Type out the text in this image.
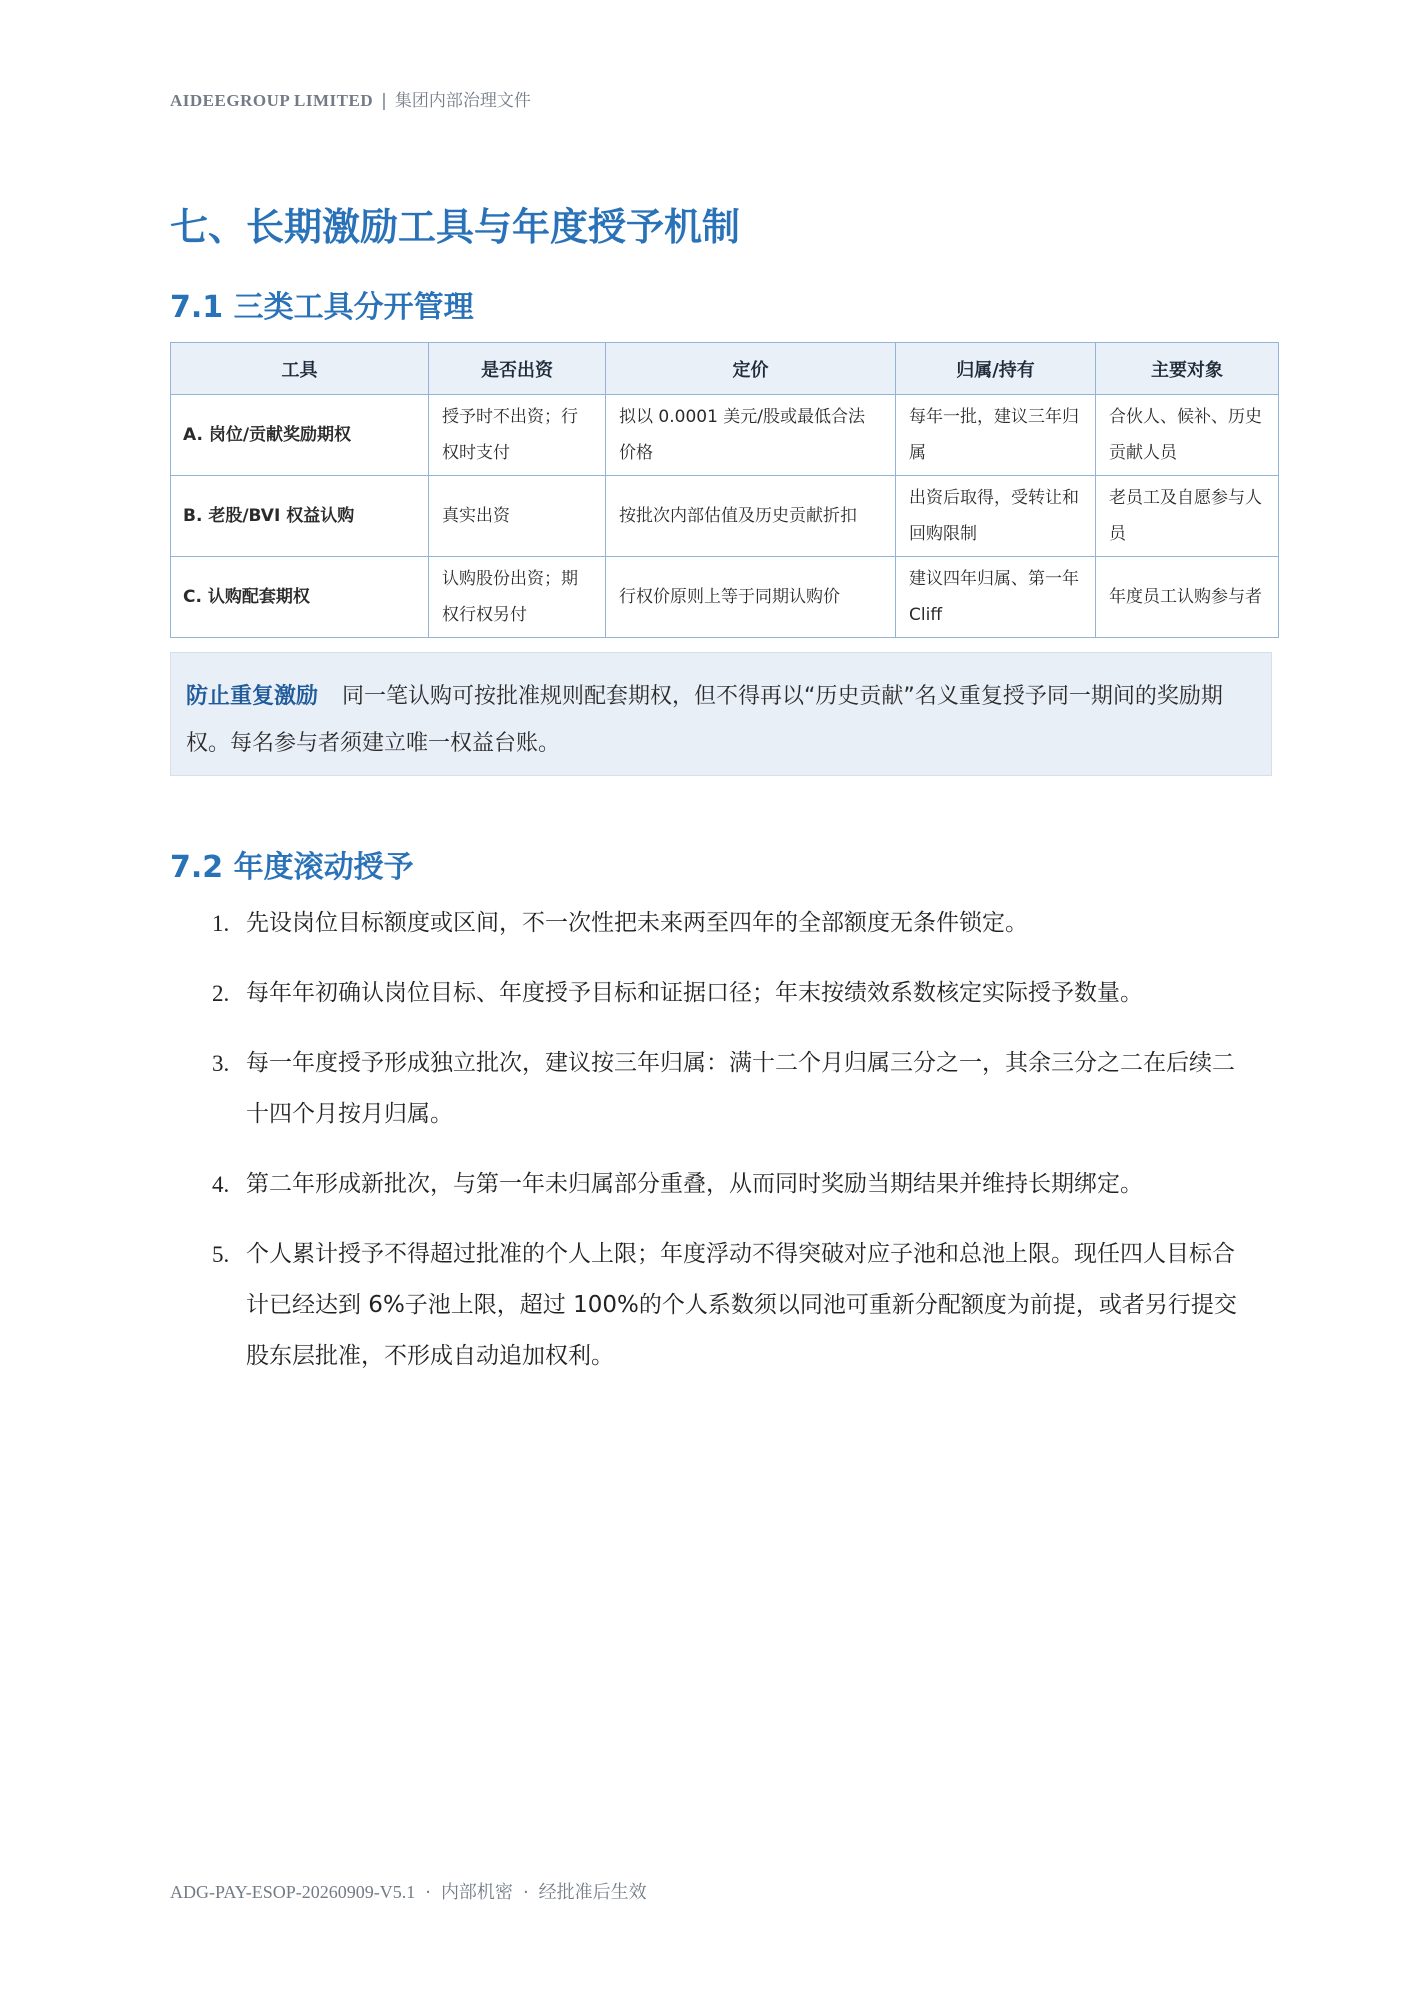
AIDEEGROUP LIMITED | 集团内部治理文件
七、长期激励工具与年度授予机制
7.1 三类工具分开管理
工具	是否出资	定价	归属/持有	主要对象
A. 岗位/贡献奖励期权	授予时不出资；行权时支付	拟以 0.0001 美元/股或最低合法价格	每年一批，建议三年归属	合伙人、候补、历史贡献人员
B. 老股/BVI 权益认购	真实出资	按批次内部估值及历史贡献折扣	出资后取得，受转让和回购限制	老员工及自愿参与人员
C. 认购配套期权	认购股份出资；期权行权另付	行权价原则上等于同期认购价	建议四年归属、第一年 Cliff	年度员工认购参与者
防止重复激励 同一笔认购可按批准规则配套期权，但不得再以“历史贡献”名义重复授予同一期间的奖励期权。每名参与者须建立唯一权益台账。
7.2 年度滚动授予
1. 先设岗位目标额度或区间，不一次性把未来两至四年的全部额度无条件锁定。
2. 每年年初确认岗位目标、年度授予目标和证据口径；年末按绩效系数核定实际授予数量。
3. 每一年度授予形成独立批次，建议按三年归属：满十二个月归属三分之一，其余三分之二在后续二十四个月按月归属。
4. 第二年形成新批次，与第一年未归属部分重叠，从而同时奖励当期结果并维持长期绑定。
5. 个人累计授予不得超过批准的个人上限；年度浮动不得突破对应子池和总池上限。现任四人目标合计已经达到 6%子池上限，超过 100%的个人系数须以同池可重新分配额度为前提，或者另行提交股东层批准，不形成自动追加权利。
ADG-PAY-ESOP-20260909-V5.1 · 内部机密 · 经批准后生效
